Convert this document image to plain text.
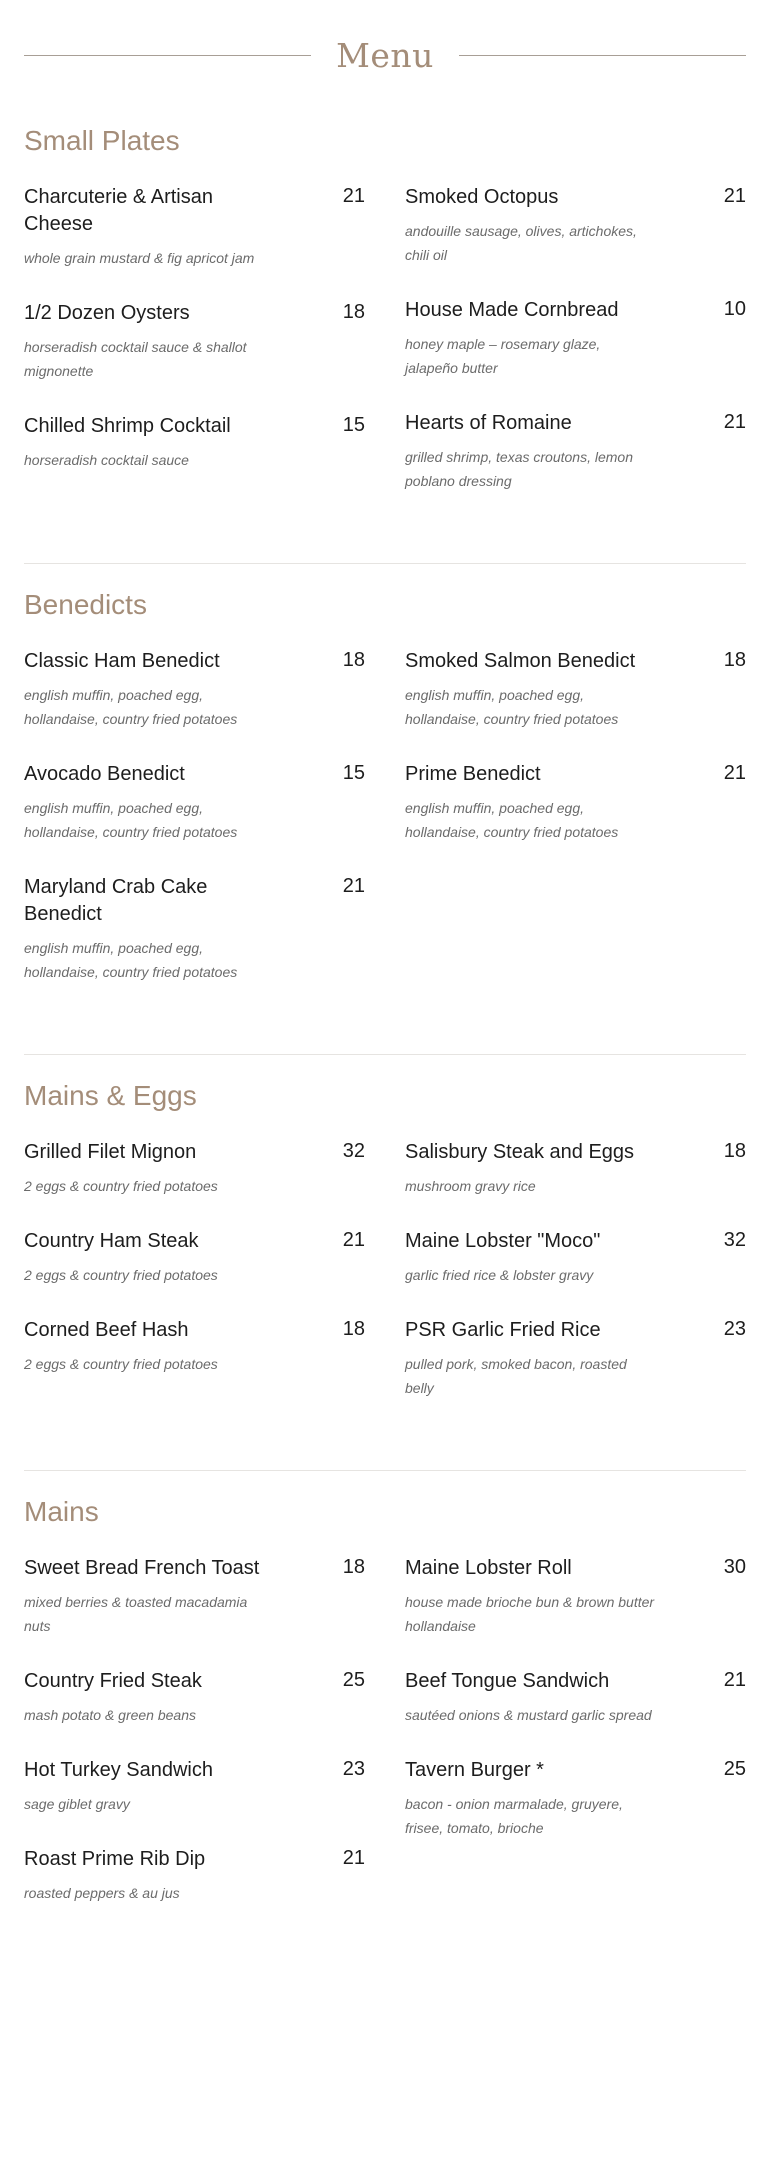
Menu
Small Plates
Charcuterie & Artisan Cheese
21
whole grain mustard & fig apricot jam
1/2 Dozen Oysters	18
horseradish cocktail sauce & shallot mignonette
Chilled Shrimp Cocktail	15
horseradish cocktail sauce
Smoked Octopus	21
andouille sausage, olives, artichokes, chili oil
House Made Cornbread	10
honey maple – rosemary glaze, jalapeño butter
Hearts of Romaine	21
grilled shrimp, texas croutons, lemon poblano dressing
Benedicts
Classic Ham Benedict	18
english muffin, poached egg, hollandaise, country fried potatoes
Avocado Benedict	15
english muffin, poached egg, hollandaise, country fried potatoes
Maryland Crab Cake Benedict
21
english muffin, poached egg, hollandaise, country fried potatoes
Smoked Salmon Benedict	18
english muffin, poached egg, hollandaise, country fried potatoes
Prime Benedict	21
english muffin, poached egg, hollandaise, country fried potatoes
Mains & Eggs
Grilled Filet Mignon	32
2 eggs & country fried potatoes
Country Ham Steak	21
2 eggs & country fried potatoes
Corned Beef Hash	18
2 eggs & country fried potatoes
Salisbury Steak and Eggs	18
mushroom gravy rice
Maine Lobster "Moco"	32
garlic fried rice & lobster gravy
PSR Garlic Fried Rice	23
pulled pork, smoked bacon, roasted belly
Mains
Sweet Bread French Toast	18
mixed berries & toasted macadamia nuts
Country Fried Steak	25
mash potato & green beans
Hot Turkey Sandwich	23
sage giblet gravy
Roast Prime Rib Dip	21
roasted peppers & au jus
Maine Lobster Roll	30
house made brioche bun & brown butter hollandaise
Beef Tongue Sandwich	21
sautéed onions & mustard garlic spread
Tavern Burger *	25
bacon - onion marmalade, gruyere, frisee, tomato, brioche
